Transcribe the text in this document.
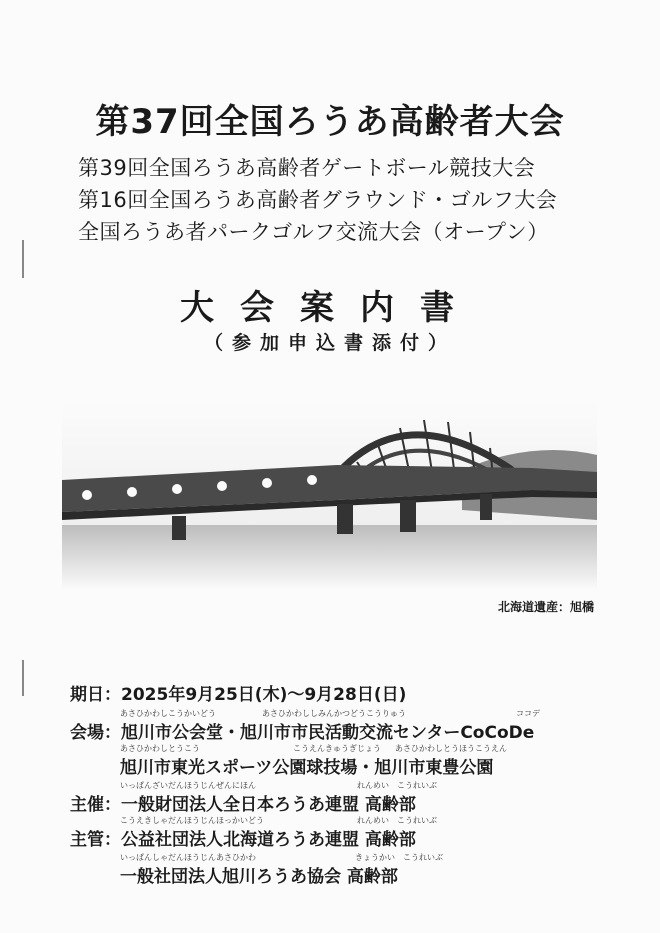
第37回全国ろうあ高齢者大会
第39回全国ろうあ高齢者ゲートボール競技大会
第16回全国ろうあ高齢者グラウンド・ゴルフ大会
全国ろうあ者パークゴルフ交流大会（オープン）
大会案内書
（参加申込書添付）
北海道遺産：旭橋
期日：2025年9月25日(木)～9月28日(日)
あさひかわしこうかいどう	あさひかわししみんかつどうこうりゅう	ココデ
会場：旭川市公会堂・旭川市市民活動交流センターCoCoDe
あさひかわしとうこう	こうえんきゅうぎじょう あさひかわしとうほうこうえん
旭川市東光スポーツ公園球技場・旭川市東豊公園
いっぱんざいだんほうじんぜんにほん	れんめい　こうれいぶ
主催：一般財団法人全日本ろうあ連盟 高齢部
こうえきしゃだんほうじんほっかいどう	れんめい　こうれいぶ
主管：公益社団法人北海道ろうあ連盟 高齢部
いっぱんしゃだんほうじんあさひかわ	きょうかい　こうれいぶ
一般社団法人旭川ろうあ協会 高齢部
